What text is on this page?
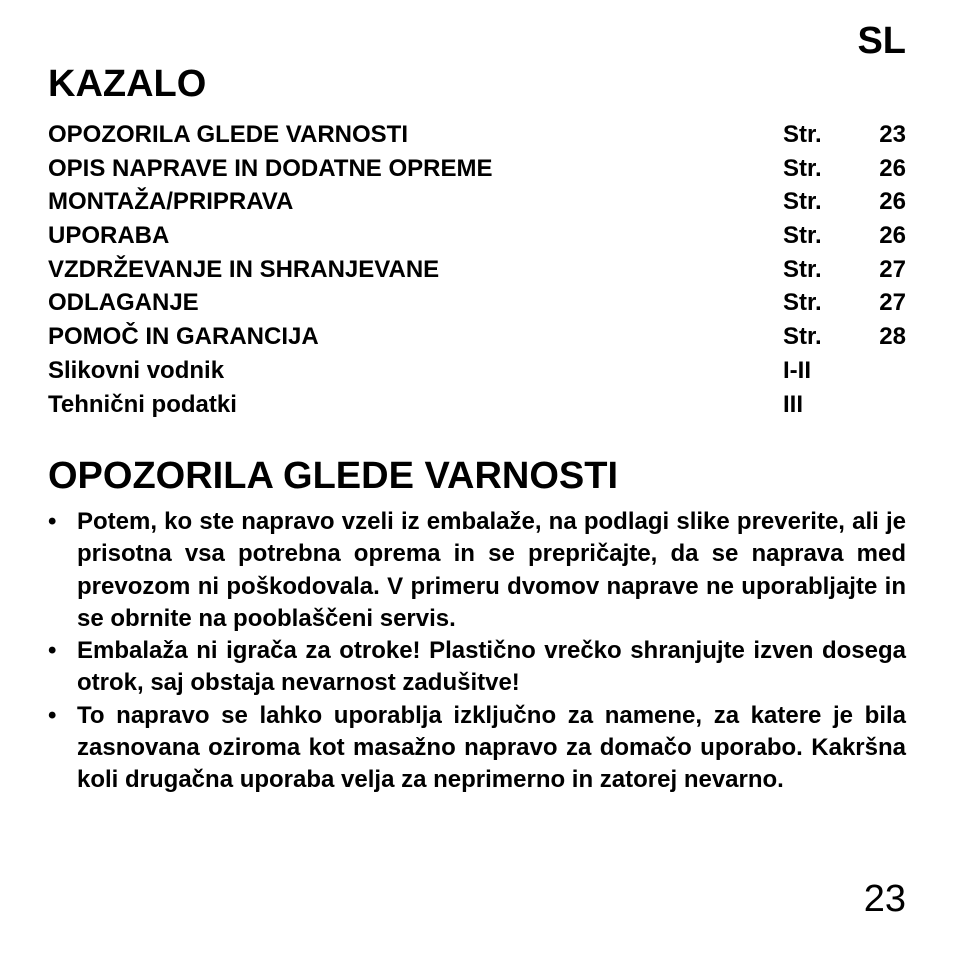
SL
KAZALO
OPOZORILA GLEDE VARNOSTI	Str. 23
OPIS NAPRAVE IN DODATNE OPREME	Str. 26
MONTAŽA/PRIPRAVA	Str. 26
UPORABA	Str. 26
VZDRŽEVANJE IN SHRANJEVANE	Str. 27
ODLAGANJE	Str. 27
POMOČ IN GARANCIJA	Str. 28
Slikovni vodnik	I-II
Tehnični podatki	III
OPOZORILA GLEDE VARNOSTI
• Potem, ko ste napravo vzeli iz embalaže, na podlagi slike preverite, ali je prisotna vsa potrebna oprema in se prepričajte, da se naprava med prevozom ni poškodovala. V primeru dvomov naprave ne uporabljajte in se obrnite na pooblaščeni servis.
• Embalaža ni igrača za otroke! Plastično vrečko shranjujte izven dosega otrok, saj obstaja nevarnost zadušitve!
• To napravo se lahko uporablja izključno za namene, za katere je bila zasnovana oziroma kot masažno napravo za domačo uporabo. Kakršna koli drugačna uporaba velja za neprimerno in zatorej nevarno.
23
